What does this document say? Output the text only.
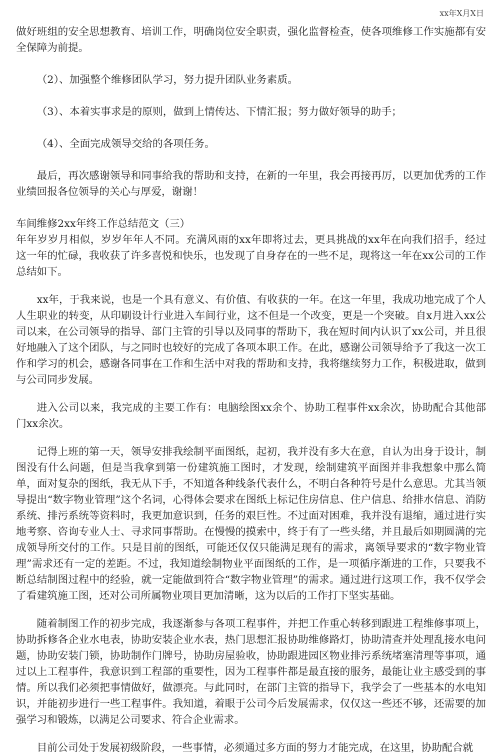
xx年X月X日

做好班组的安全思想教育、培训工作，明确岗位安全职责，强化监督检查，使各项维修工作实施都有安全保障为前提。

（2）、加强整个维修团队学习，努力提升团队业务素质。

（3）、本着实事求是的原则，做到上情传达、下情汇报；努力做好领导的助手；

（4）、全面完成领导交给的各项任务。

最后，再次感谢领导和同事给我的帮助和支持，在新的一年里，我会再接再厉，以更加优秀的工作业绩回报各位领导的关心与厚爱，谢谢！

车间维修2xx年终工作总结范文（三）

年年岁岁月相似，岁岁年年人不同。充满风雨的xx年即将过去，更具挑战的xx年在向我们招手，经过这一年的忙碌，我收获了许多喜悦和快乐，也发现了自身存在的一些不足，现将这一年在xx公司的工作总结如下。

xx年，于我来说，也是一个具有意义、有价值、有收获的一年。在这一年里，我成功地完成了个人人生职业的转变，从印刷设计行业进入车间行业，这不但是一个改变，更是一个突破。自x月进入xx公司以来，在公司领导的指导、部门主管的引导以及同事的帮助下，我在短时间内认识了xx公司，并且很好地融入了这个团队，与之同时也较好的完成了各项本职工作。在此，感谢公司领导给予了我这一次工作和学习的机会，感谢各同事在工作和生活中对我的帮助和支持，我将继续努力工作，积极进取，做到与公司同步发展。

进入公司以来，我完成的主要工作有：电脑绘图xx余个、协助工程事件xx余次，协助配合其他部门xx余次。

记得上班的第一天，领导安排我绘制平面图纸，起初，我并没有多大在意，自认为出身于设计，制图没有什么问题，但是当我拿到第一份建筑施工图时，才发现，绘制建筑平面图并非我想象中那么简单，面对复杂的图纸，我无从下手，不知道各种线条代表什么，不明白各种符号是什么意思。尤其当领导提出“数字物业管理”这个名词，心得体会要求在图纸上标记住房信息、住户信息、给排水信息、消防系统、排污系统等资料时，我更加意识到，任务的艰巨性。不过面对困难，我并没有退缩，通过进行实地考察、咨询专业人士、寻求同事帮助。在慢慢的摸索中，终于有了一些头绪，并且最后如期圆满的完成领导所交付的工作。只是目前的图纸，可能还仅仅只能满足现有的需求，离领导要求的“数字物业管理”需求还有一定的差距。不过，我知道绘制物业平面图纸的工作，是一项循序渐进的工作，只要我不断总结制图过程中的经验，就一定能做到符合“数字物业管理”的需求。通过进行这项工作，我不仅学会了看建筑施工图，还对公司所属物业项目更加清晰，这为以后的工作打下坚实基础。

随着制图工作的初步完成，我逐渐参与各项工程事件，并把工作重心转移到跟进工程维修事项上，协助拆修各企业水电表，协助安装企业水表，热门思想汇报协助维修路灯，协助清查并处理乱接水电问题，协助安装门锁，协助制作门牌号，协助房屋验收，协助跟进园区物业排污系统堵塞清理等事项，通过以上工程事件，我意识到工程部的重要性，因为工程事件都是最直接的服务，最能让业主感受到的事情。所以我们必须把事情做好，做漂亮。与此同时，在部门主管的指导下，我学会了一些基本的水电知识，并能初步进行一些工程事件。我知道，着眼于公司今后发展需求，仅仅这一些还不够，还需要的加强学习和锻炼，以满足公司要求、符合企业需求。

目前公司处于发展初级阶段，一些事情，必须通过多方面的努力才能完成，在这里，协助配合就
